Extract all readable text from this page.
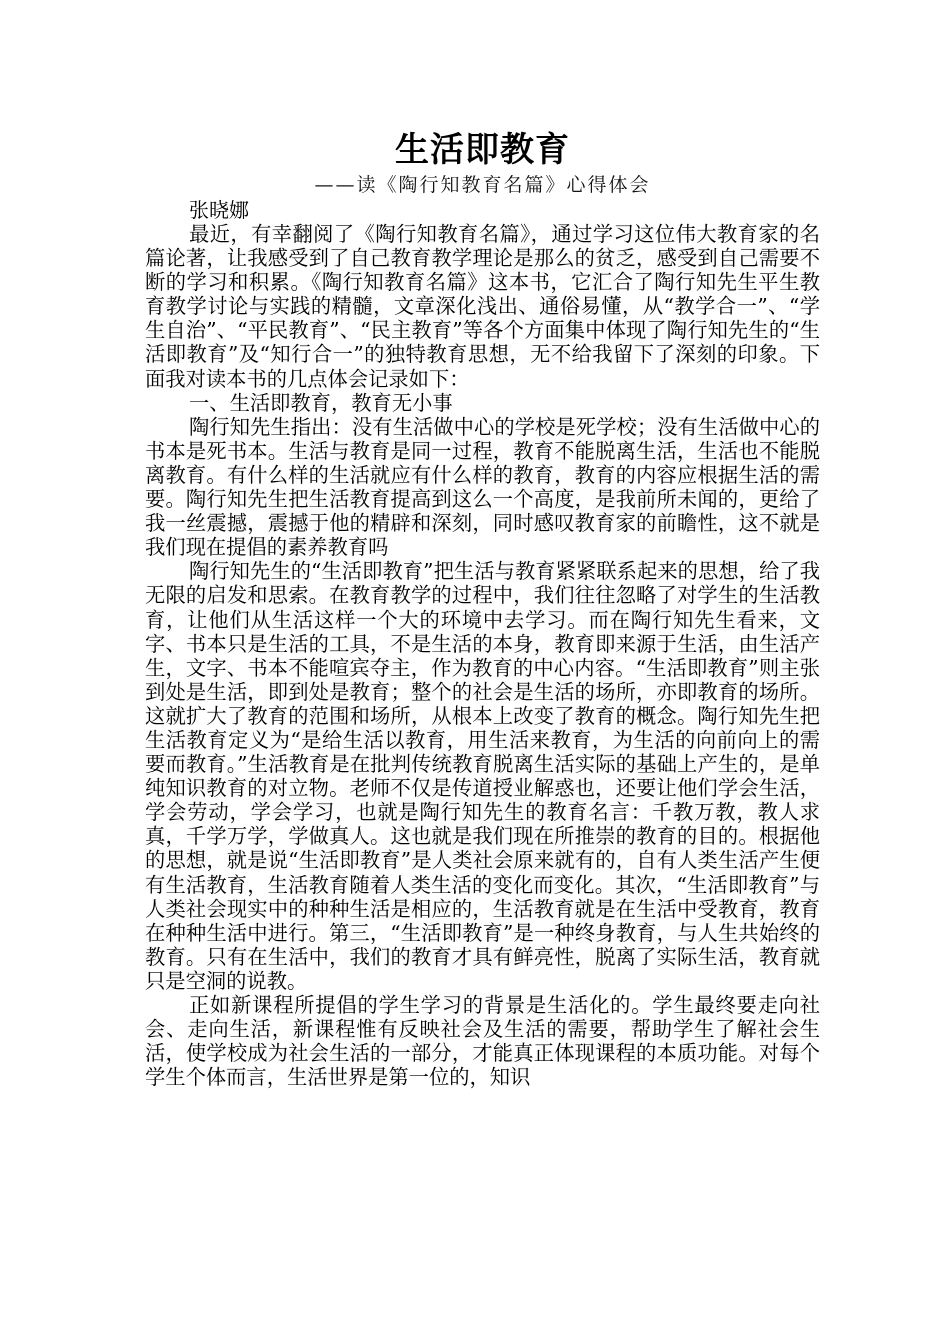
生活即教育

——读《陶行知教育名篇》心得体会

张晓娜

最近，有幸翻阅了《陶行知教育名篇》，通过学习这位伟大教育家的名篇论著，让我感受到了自己教育教学理论是那么的贫乏，感受到自己需要不断的学习和积累。《陶行知教育名篇》这本书，它汇合了陶行知先生平生教育教学讨论与实践的精髓，文章深化浅出、通俗易懂，从“教学合一”、“学生自治”、“平民教育”、“民主教育”等各个方面集中体现了陶行知先生的“生活即教育”及“知行合一”的独特教育思想，无不给我留下了深刻的印象。下面我对读本书的几点体会记录如下：

一、生活即教育，教育无小事

陶行知先生指出：没有生活做中心的学校是死学校；没有生活做中心的书本是死书本。生活与教育是同一过程，教育不能脱离生活，生活也不能脱离教育。有什么样的生活就应有什么样的教育，教育的内容应根据生活的需要。陶行知先生把生活教育提高到这么一个高度，是我前所未闻的，更给了我一丝震撼，震撼于他的精辟和深刻，同时感叹教育家的前瞻性，这不就是我们现在提倡的素养教育吗

陶行知先生的“生活即教育”把生活与教育紧紧联系起来的思想，给了我无限的启发和思索。在教育教学的过程中，我们往往忽略了对学生的生活教育，让他们从生活这样一个大的环境中去学习。而在陶行知先生看来，文字、书本只是生活的工具，不是生活的本身，教育即来源于生活，由生活产生，文字、书本不能喧宾夺主，作为教育的中心内容。“生活即教育”则主张到处是生活，即到处是教育；整个的社会是生活的场所，亦即教育的场所。这就扩大了教育的范围和场所，从根本上改变了教育的概念。陶行知先生把生活教育定义为“是给生活以教育，用生活来教育，为生活的向前向上的需要而教育。”生活教育是在批判传统教育脱离生活实际的基础上产生的，是单纯知识教育的对立物。老师不仅是传道授业解惑也，还要让他们学会生活，学会劳动，学会学习，也就是陶行知先生的教育名言：千教万教，教人求真，千学万学，学做真人。这也就是我们现在所推崇的教育的目的。根据他的思想，就是说“生活即教育”是人类社会原来就有的，自有人类生活产生便有生活教育，生活教育随着人类生活的变化而变化。其次，“生活即教育”与人类社会现实中的种种生活是相应的，生活教育就是在生活中受教育，教育在种种生活中进行。第三，“生活即教育”是一种终身教育，与人生共始终的教育。只有在生活中，我们的教育才具有鲜亮性，脱离了实际生活，教育就只是空洞的说教。

正如新课程所提倡的学生学习的背景是生活化的。学生最终要走向社会、走向生活，新课程惟有反映社会及生活的需要，帮助学生了解社会生活，使学校成为社会生活的一部分，才能真正体现课程的本质功能。对每个学生个体而言，生活世界是第一位的，知识
